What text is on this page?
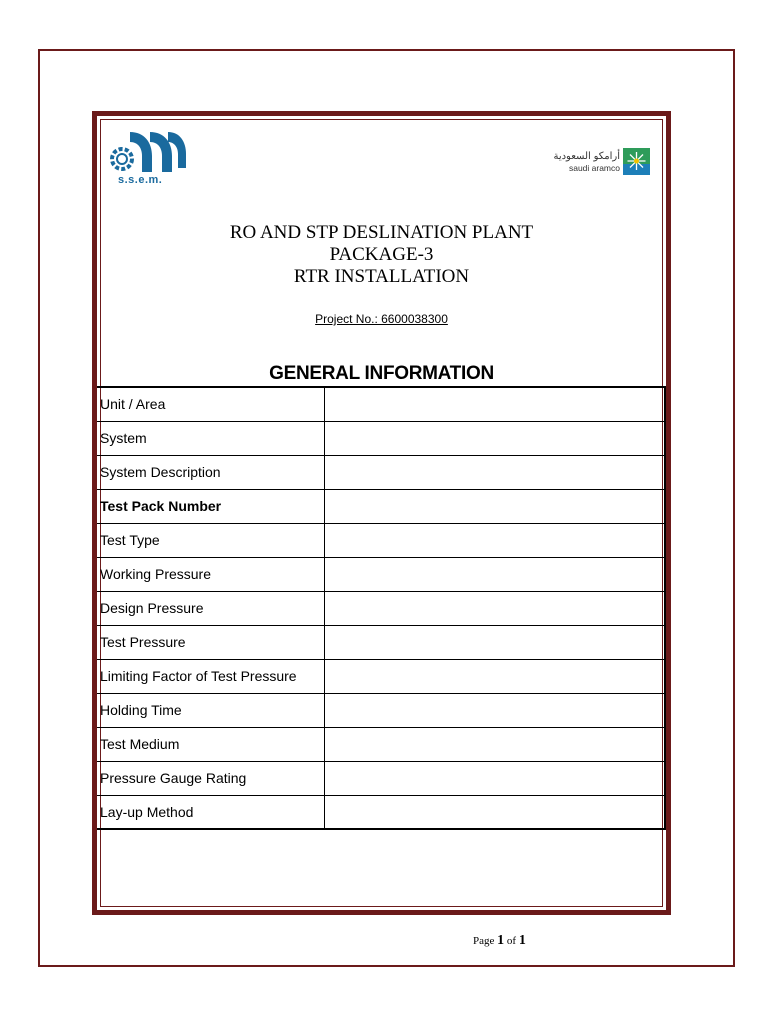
s.s.e.m.
أرامكو السعودية
saudi aramco
RO AND STP DESLINATION PLANT
PACKAGE-3
RTR INSTALLATION
Project No.: 6600038300
GENERAL INFORMATION
Unit / Area	
System	
System Description	
Test Pack Number	
Test Type	
Working Pressure	
Design Pressure	
Test Pressure	
Limiting Factor of Test Pressure	
Holding Time	
Test Medium	
Pressure Gauge Rating	
Lay-up Method	
Page 1 of 1
